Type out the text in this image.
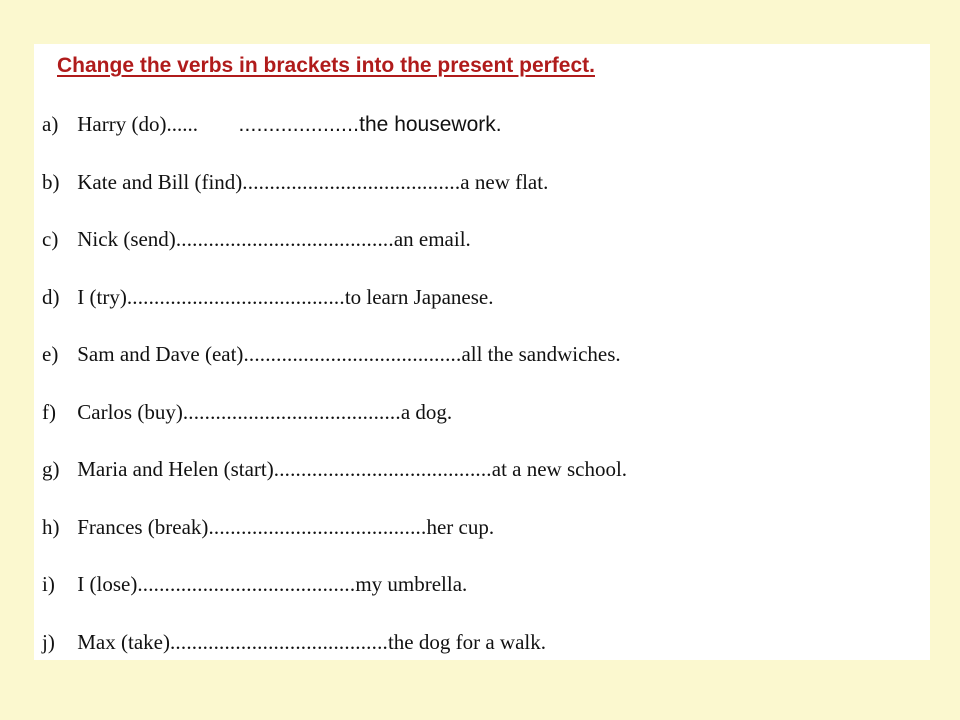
Change the verbs in brackets into the present perfect.
a) Harry (do)...... ....................the housework.
b) Kate and Bill (find)........................................a new flat.
c) Nick (send)........................................an email.
d) I (try)........................................to learn Japanese.
e) Sam and Dave (eat)........................................all the sandwiches.
f) Carlos (buy)........................................a dog.
g) Maria and Helen (start)........................................at a new school.
h) Frances (break)........................................her cup.
i) I (lose)........................................my umbrella.
j) Max (take)........................................the dog for a walk.
